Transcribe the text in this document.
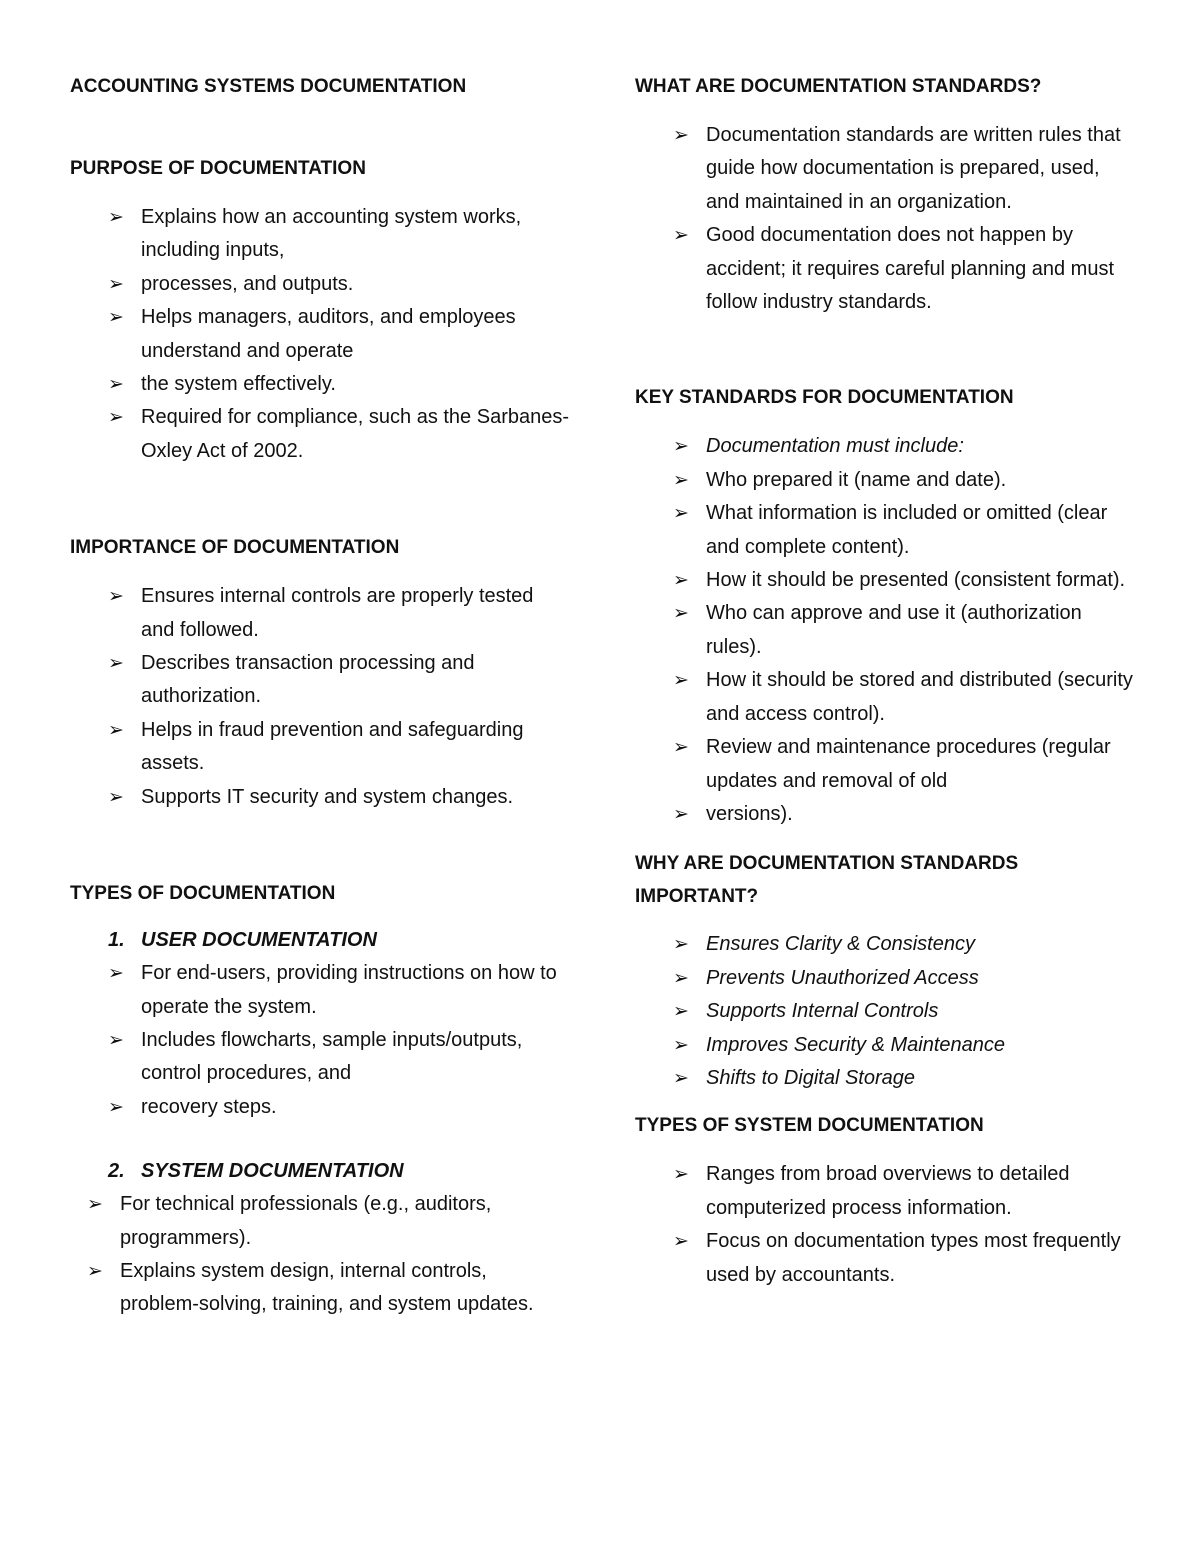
ACCOUNTING SYSTEMS DOCUMENTATION
PURPOSE OF DOCUMENTATION
➢ Explains how an accounting system works, including inputs,
➢ processes, and outputs.
➢ Helps managers, auditors, and employees understand and operate
➢ the system effectively.
➢ Required for compliance, such as the Sarbanes-Oxley Act of 2002.
IMPORTANCE OF DOCUMENTATION
➢ Ensures internal controls are properly tested and followed.
➢ Describes transaction processing and authorization.
➢ Helps in fraud prevention and safeguarding assets.
➢ Supports IT security and system changes.
TYPES OF DOCUMENTATION
1. USER DOCUMENTATION
➢ For end-users, providing instructions on how to operate the system.
➢ Includes flowcharts, sample inputs/outputs, control procedures, and
➢ recovery steps.
2. SYSTEM DOCUMENTATION
➢ For technical professionals (e.g., auditors, programmers).
➢ Explains system design, internal controls, problem-solving, training, and system updates.
WHAT ARE DOCUMENTATION STANDARDS?
➢ Documentation standards are written rules that guide how documentation is prepared, used, and maintained in an organization.
➢ Good documentation does not happen by accident; it requires careful planning and must follow industry standards.
KEY STANDARDS FOR DOCUMENTATION
➢ Documentation must include:
➢ Who prepared it (name and date).
➢ What information is included or omitted (clear and complete content).
➢ How it should be presented (consistent format).
➢ Who can approve and use it (authorization rules).
➢ How it should be stored and distributed (security and access control).
➢ Review and maintenance procedures (regular updates and removal of old
➢ versions).
WHY ARE DOCUMENTATION STANDARDS IMPORTANT?
➢ Ensures Clarity & Consistency
➢ Prevents Unauthorized Access
➢ Supports Internal Controls
➢ Improves Security & Maintenance
➢ Shifts to Digital Storage
TYPES OF SYSTEM DOCUMENTATION
➢ Ranges from broad overviews to detailed computerized process information.
➢ Focus on documentation types most frequently used by accountants.
